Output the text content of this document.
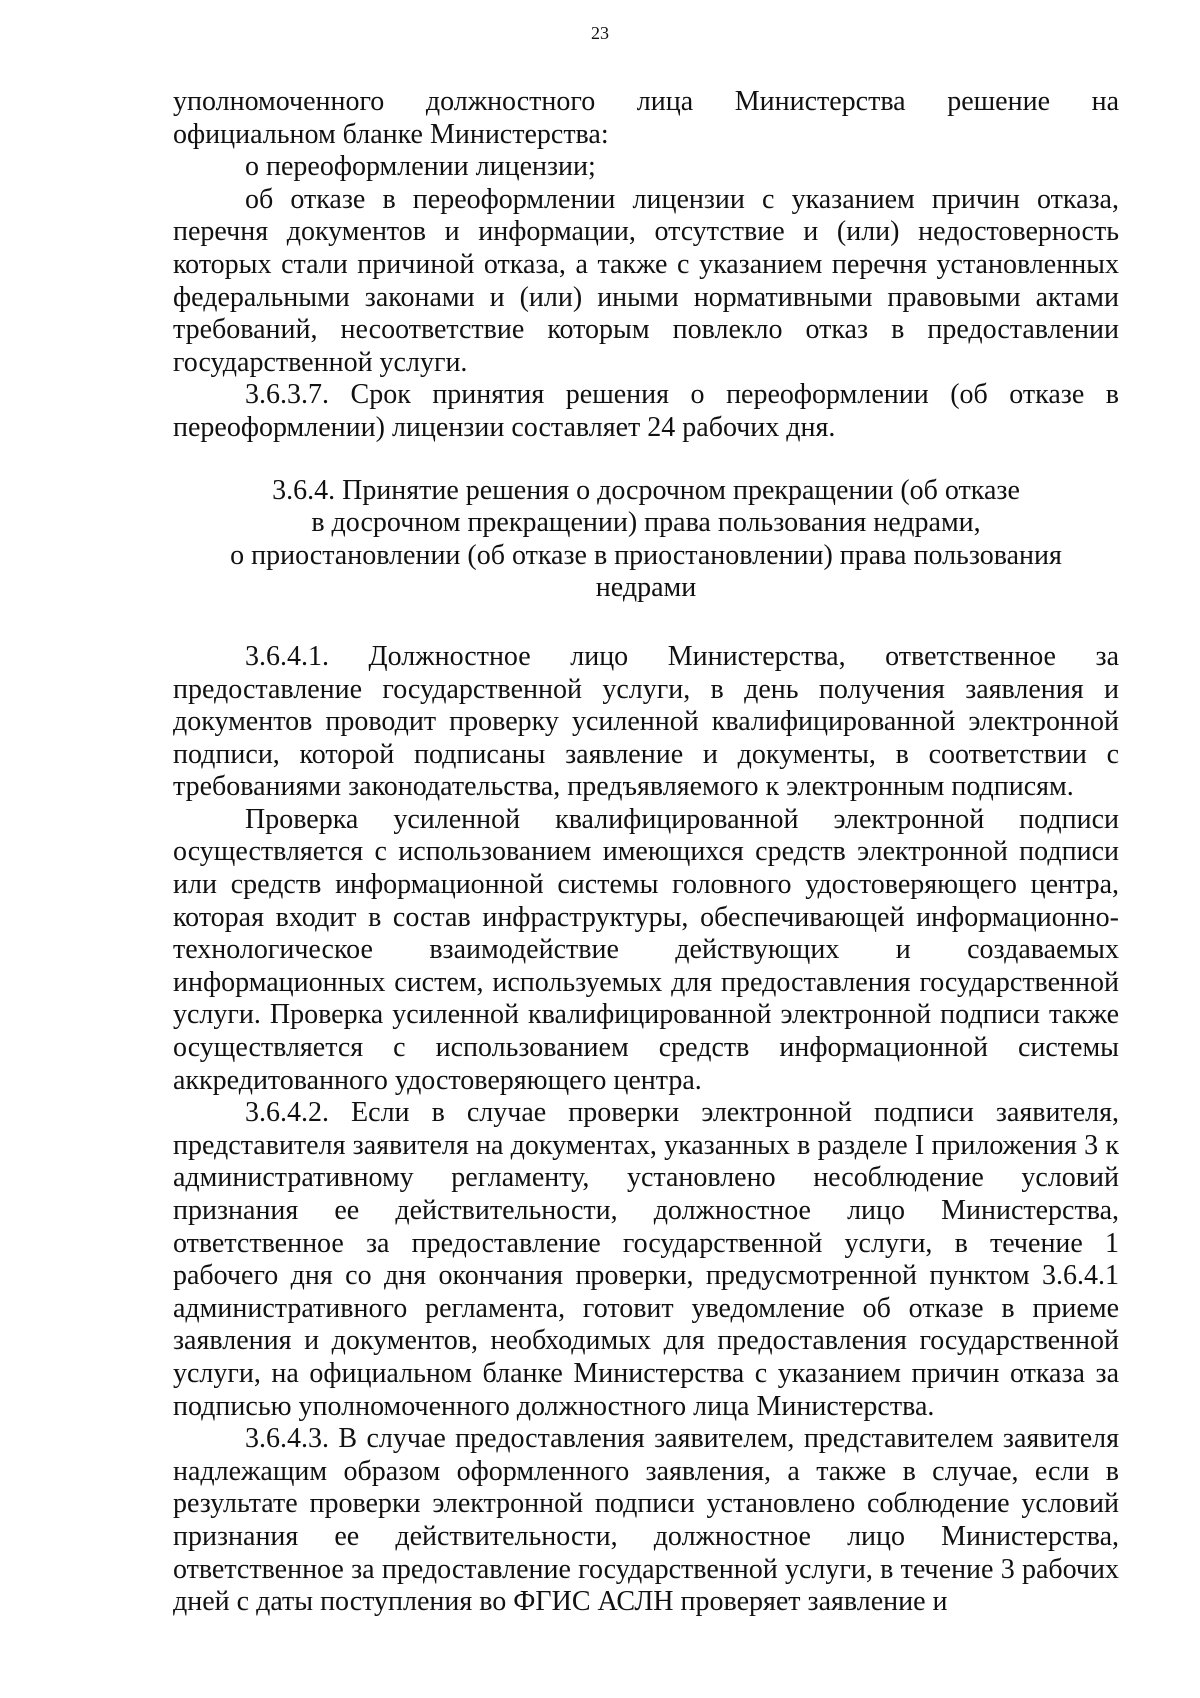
23

уполномоченного должностного лица Министерства решение на

официальном бланке Министерства:

о переоформлении лицензии;

об отказе в переоформлении лицензии с указанием причин отказа, перечня документов и информации, отсутствие и (или) недостоверность которых стали причиной отказа, а также с указанием перечня установленных федеральными законами и (или) иными нормативными правовыми актами требований, несоответствие которым повлекло отказ в предоставлении государственной услуги.

3.6.3.7. Срок принятия решения о переоформлении (об отказе в переоформлении) лицензии составляет 24 рабочих дня.

3.6.4. Принятие решения о досрочном прекращении (об отказе
в досрочном прекращении) права пользования недрами,
о приостановлении (об отказе в приостановлении) права пользования
недрами

3.6.4.1. Должностное лицо Министерства, ответственное за предоставление государственной услуги, в день получения заявления и документов проводит проверку усиленной квалифицированной электронной подписи, которой подписаны заявление и документы, в соответствии с требованиями законодательства, предъявляемого к электронным подписям.

Проверка усиленной квалифицированной электронной подписи осуществляется с использованием имеющихся средств электронной подписи или средств информационной системы головного удостоверяющего центра, которая входит в состав инфраструктуры, обеспечивающей информационно-технологическое взаимодействие действующих и создаваемых информационных систем, используемых для предоставления государственной услуги. Проверка усиленной квалифицированной электронной подписи также осуществляется с использованием средств информационной системы аккредитованного удостоверяющего центра.

3.6.4.2. Если в случае проверки электронной подписи заявителя, представителя заявителя на документах, указанных в разделе I приложения 3 к административному регламенту, установлено несоблюдение условий признания ее действительности, должностное лицо Министерства, ответственное за предоставление государственной услуги, в течение 1 рабочего дня со дня окончания проверки, предусмотренной пунктом 3.6.4.1 административного регламента, готовит уведомление об отказе в приеме заявления и документов, необходимых для предоставления государственной услуги, на официальном бланке Министерства с указанием причин отказа за подписью уполномоченного должностного лица Министерства.

3.6.4.3. В случае предоставления заявителем, представителем заявителя надлежащим образом оформленного заявления, а также в случае, если в результате проверки электронной подписи установлено соблюдение условий признания ее действительности, должностное лицо Министерства, ответственное за предоставление государственной услуги, в течение 3 рабочих дней с даты поступления во ФГИС АСЛН проверяет заявление и
